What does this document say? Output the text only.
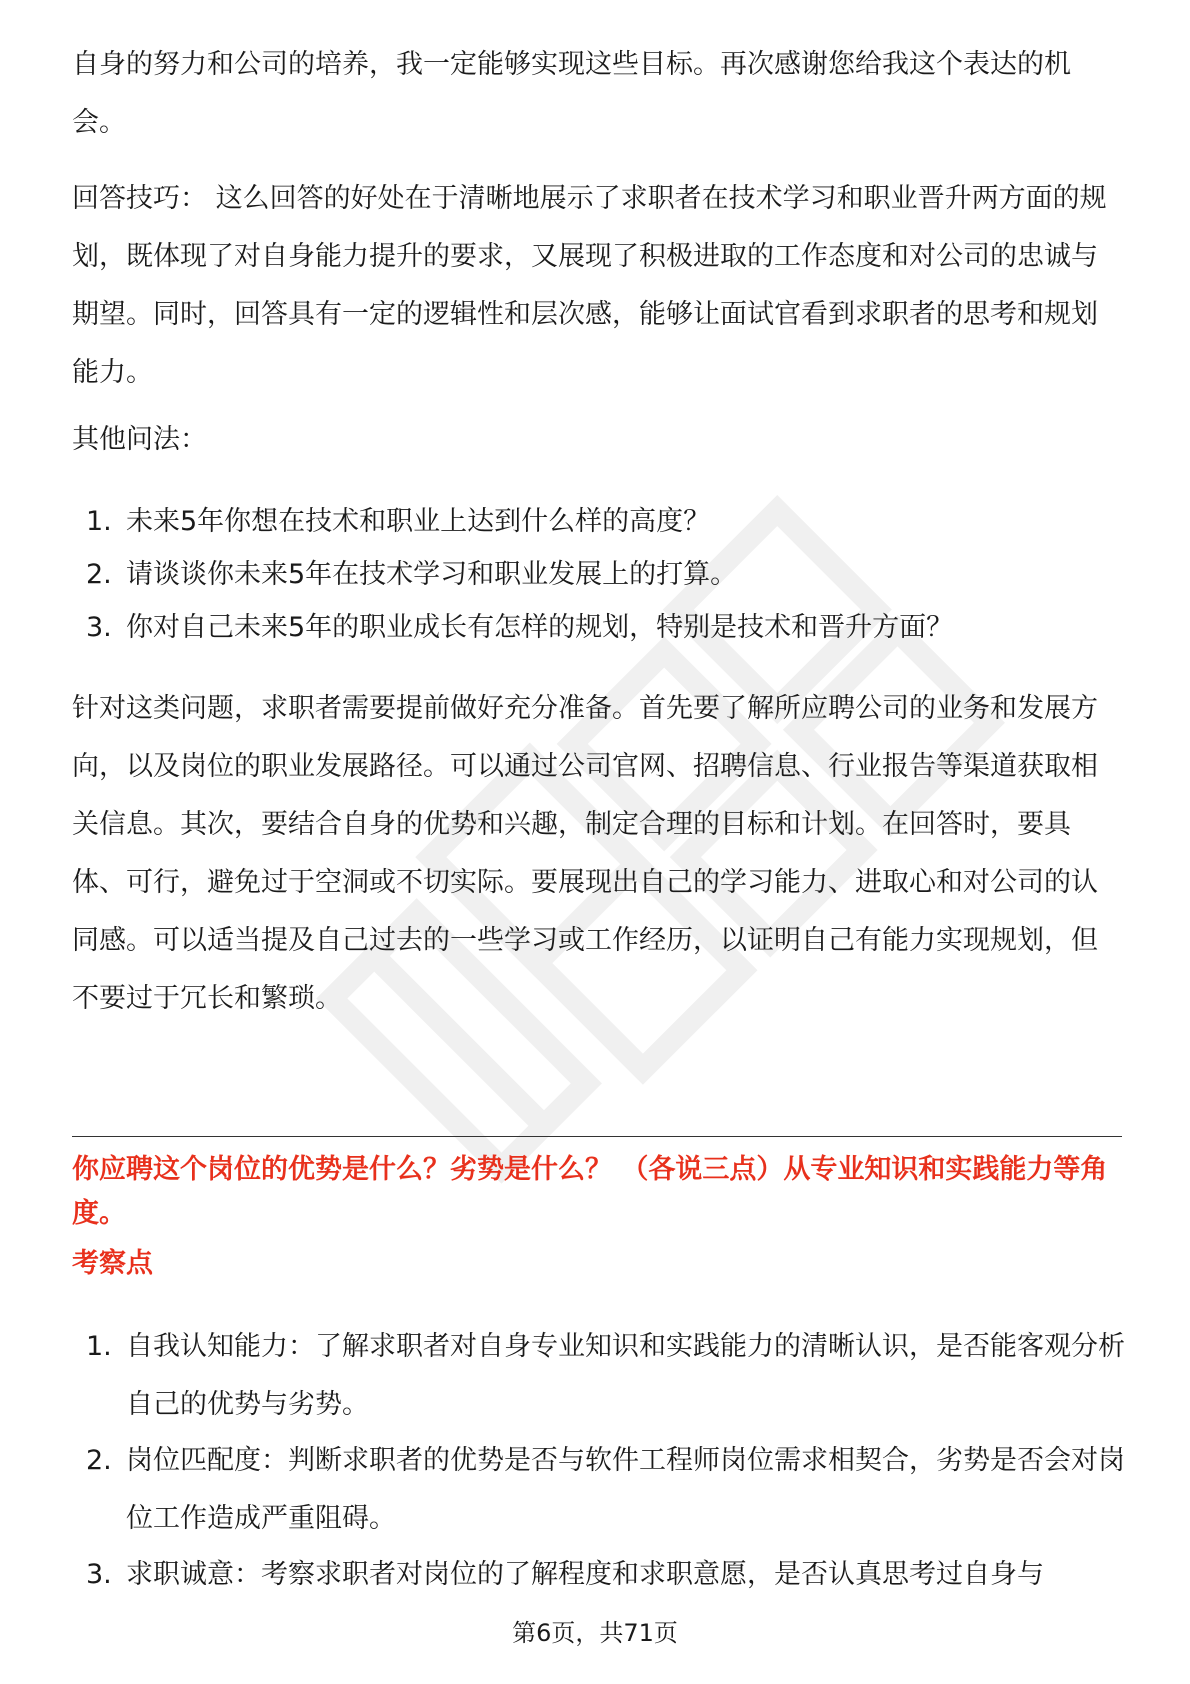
自身的努力和公司的培养，我一定能够实现这些目标。再次感谢您给我这个表达的机会。

回答技巧： 这么回答的好处在于清晰地展示了求职者在技术学习和职业晋升两方面的规划，既体现了对自身能力提升的要求，又展现了积极进取的工作态度和对公司的忠诚与期望。同时，回答具有一定的逻辑性和层次感，能够让面试官看到求职者的思考和规划能力。

其他问法：

1. 未来5年你想在技术和职业上达到什么样的高度？
2. 请谈谈你未来5年在技术学习和职业发展上的打算。
3. 你对自己未来5年的职业成长有怎样的规划，特别是技术和晋升方面？

针对这类问题，求职者需要提前做好充分准备。首先要了解所应聘公司的业务和发展方向，以及岗位的职业发展路径。可以通过公司官网、招聘信息、行业报告等渠道获取相关信息。其次，要结合自身的优势和兴趣，制定合理的目标和计划。在回答时，要具体、可行，避免过于空洞或不切实际。要展现出自己的学习能力、进取心和对公司的认同感。可以适当提及自己过去的一些学习或工作经历，以证明自己有能力实现规划，但不要过于冗长和繁琐。

你应聘这个岗位的优势是什么？劣势是什么？ （各说三点）从专业知识和实践能力等角度。
考察点
1. 自我认知能力：了解求职者对自身专业知识和实践能力的清晰认识，是否能客观分析自己的优势与劣势。
2. 岗位匹配度：判断求职者的优势是否与软件工程师岗位需求相契合，劣势是否会对岗位工作造成严重阻碍。
3. 求职诚意：考察求职者对岗位的了解程度和求职意愿，是否认真思考过自身与
第6页，共71页
